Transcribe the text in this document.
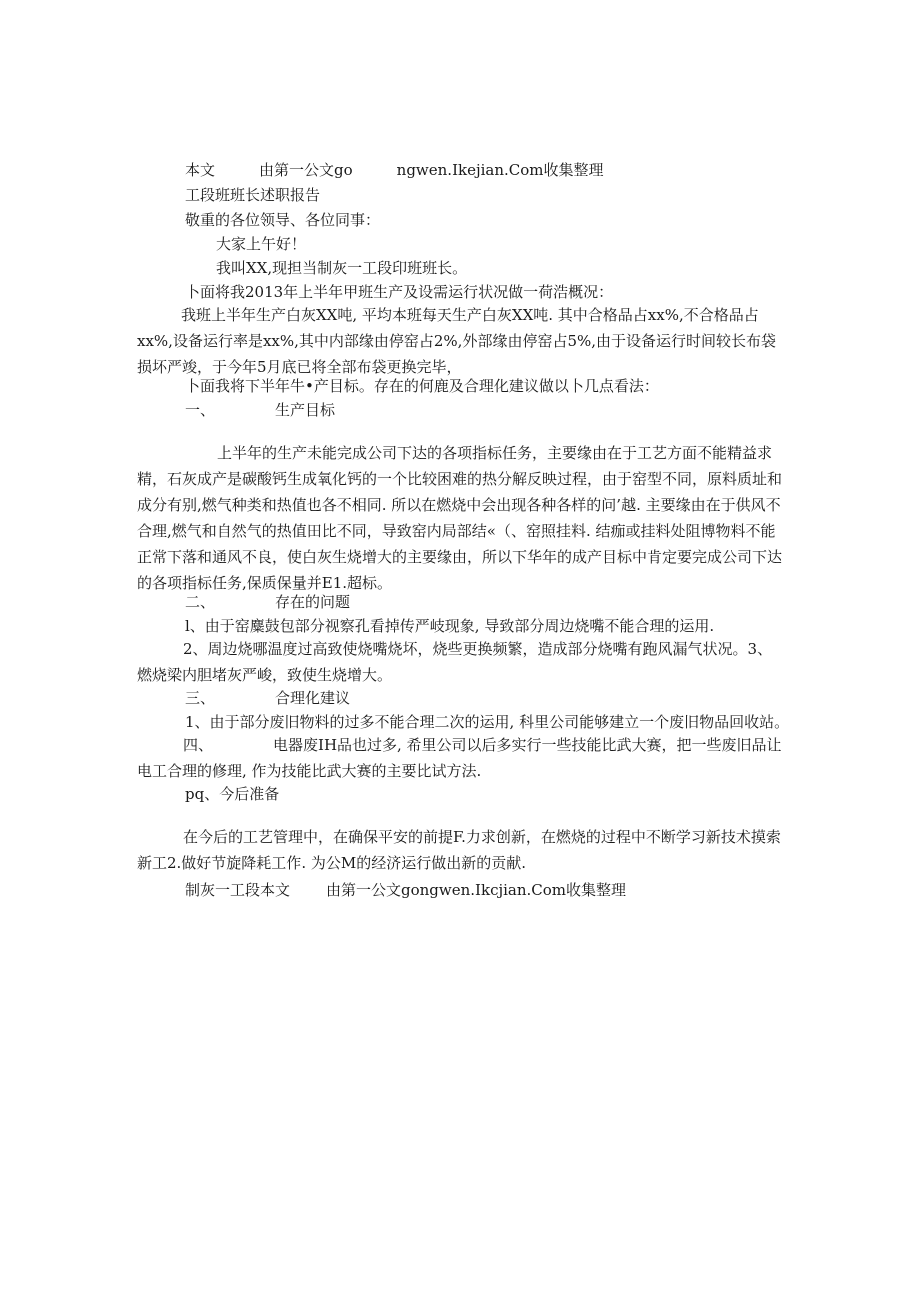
本文	由第一公文go	ngwen.Ikejian.Com收集整理
工段班班长述职报告
敬重的各位领导、各位同事：
大家上午好！
我叫XX,现担当制灰一工段印班班长。
卜面将我2013年上半年甲班生产及设需运行状况做一荷浩概况：
我班上半年生产白灰XX吨, 平均本班每天生产白灰XX吨. 其中合格品占xx%,不合格品占xx%,设备运行率是xx%,其中内部缘由停窑占2%,外部缘由停窑占5%,由于设备运行时间较长布袋损坏严竣，于今年5月底已将全部布袋更换完毕，
卜面我将下半年牛•产目标。存在的何鹿及合理化建议做以卜几点看法：
一、	生产目标
上半年的生产未能完成公司下达的各项指标任务，主要缘由在于工艺方面不能精益求精，石灰成产是碳酸钙生成氧化钙的一个比较困难的热分解反映过程，由于窑型不同，原料质址和成分有别,燃气种类和热值也各不相同. 所以在燃烧中会出现各种各样的问’越. 主要缘由在于供风不合理,燃气和自然气的热值田比不同，导致窑内局部结«（、窑照挂料. 结痂或挂料处阻博物料不能正常下落和通风不良，使白灰生烧增大的主要缘由，所以下华年的成产目标中肯定要完成公司下达的各项指标任务,保质保量并E1.超标。
二、	存在的问题
l、由于窑麋鼓包部分视察孔看掉传严岐现象, 导致部分周边烧嘴不能合理的运用.
2、周边烧哪温度过高致使烧嘴烧坏，烧些更换频繁，造成部分烧嘴有跑风漏气状况。3、燃烧梁内胆堵灰严峻，致使生烧增大。
三、	合理化建议
1、由于部分废旧物料的过多不能合理二次的运用, 科里公司能够建立一个废旧物品回收站。
四、	电器废IH品也过多, 希里公司以后多实行一些技能比武大赛，把一些废旧品让电工合理的修理, 作为技能比武大赛的主要比试方法.
pq、今后准备
在今后的工艺管理中，在确保平安的前提F.力求创新，在燃烧的过程中不断学习新技术摸索新工2.做好节旋降耗工作. 为公M的经济运行做出新的贡献.
制灰一工段本文 由第一公文gongwen.Ikcjian.Com收集整理
